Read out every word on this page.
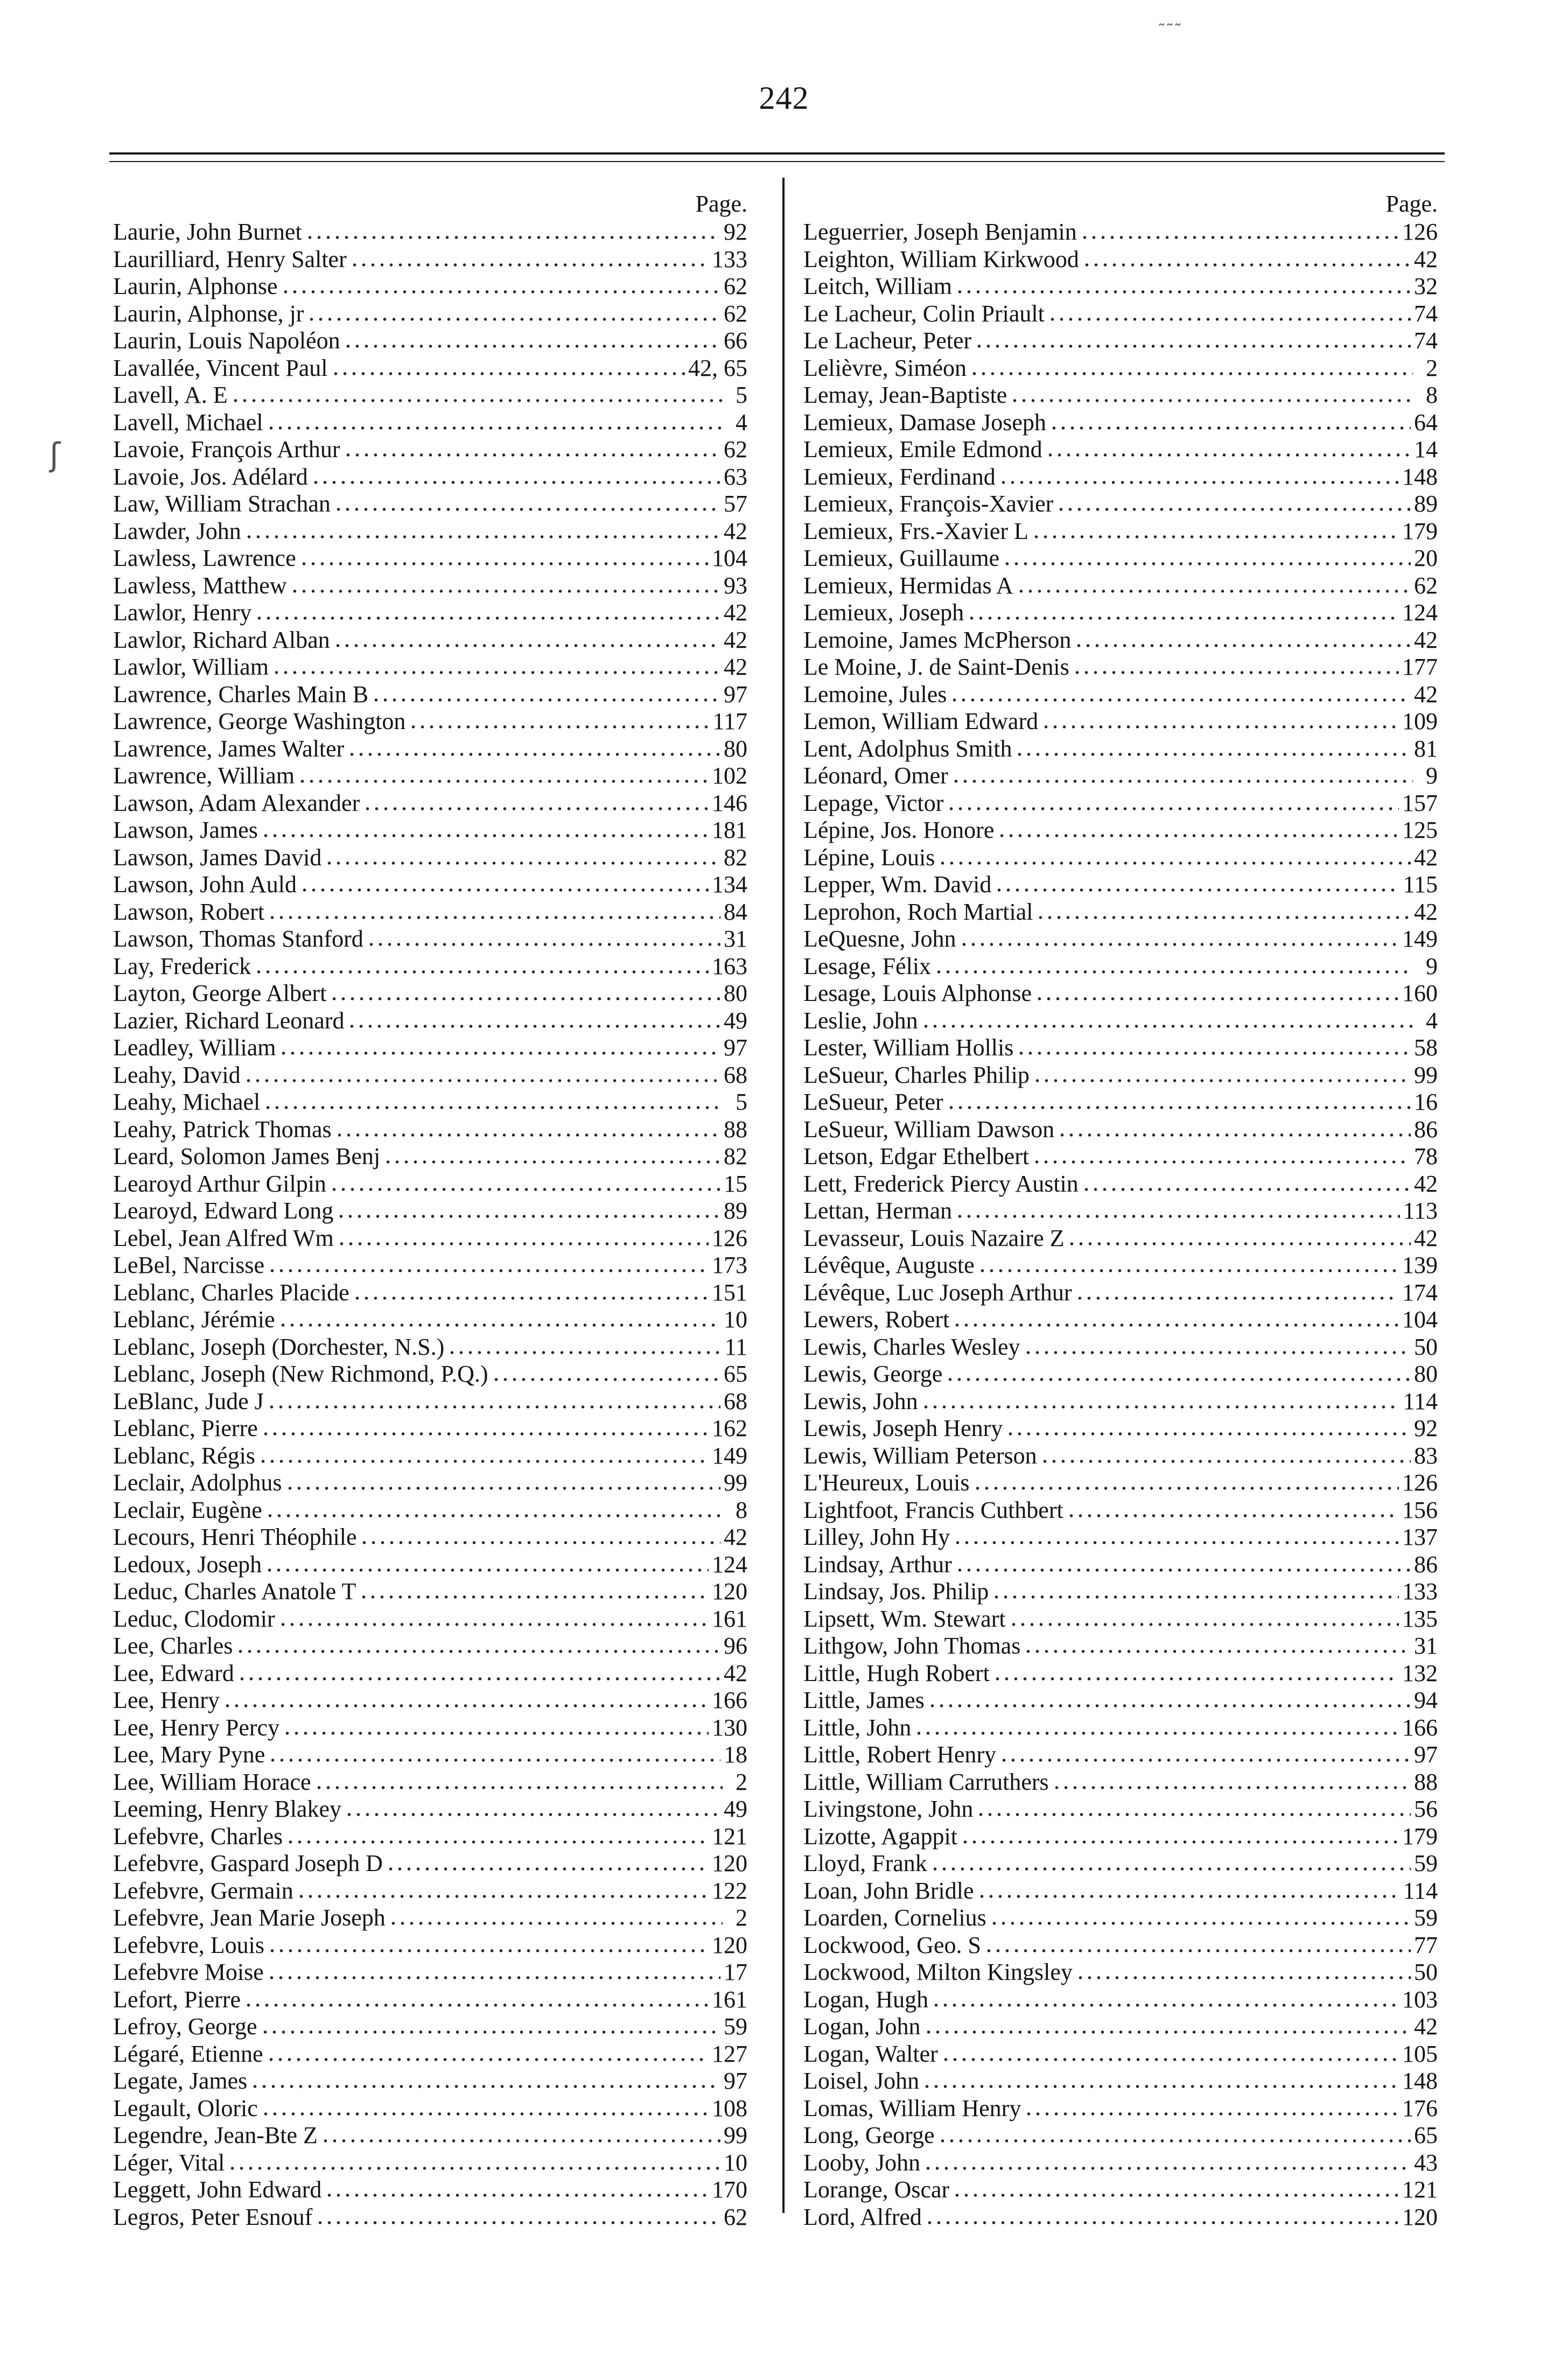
242
˜˜˜
ʃ
Page.
Laurie, John Burnet	92
Laurilliard, Henry Salter	133
Laurin, Alphonse	62
Laurin, Alphonse, jr	62
Laurin, Louis Napoléon	66
Lavallée, Vincent Paul	42, 65
Lavell, A. E	5
Lavell, Michael	4
Lavoie, François Arthur	62
Lavoie, Jos. Adélard	63
Law, William Strachan	57
Lawder, John	42
Lawless, Lawrence	104
Lawless, Matthew	93
Lawlor, Henry	42
Lawlor, Richard Alban	42
Lawlor, William	42
Lawrence, Charles Main B	97
Lawrence, George Washington	117
Lawrence, James Walter	80
Lawrence, William	102
Lawson, Adam Alexander	146
Lawson, James	181
Lawson, James David	82
Lawson, John Auld	134
Lawson, Robert	84
Lawson, Thomas Stanford	31
Lay, Frederick	163
Layton, George Albert	80
Lazier, Richard Leonard	49
Leadley, William	97
Leahy, David	68
Leahy, Michael	5
Leahy, Patrick Thomas	88
Leard, Solomon James Benj	82
Learoyd Arthur Gilpin	15
Learoyd, Edward Long	89
Lebel, Jean Alfred Wm	126
LeBel, Narcisse	173
Leblanc, Charles Placide	151
Leblanc, Jérémie	10
Leblanc, Joseph (Dorchester, N.S.)	11
Leblanc, Joseph (New Richmond, P.Q.)	65
LeBlanc, Jude J	68
Leblanc, Pierre	162
Leblanc, Régis	149
Leclair, Adolphus	99
Leclair, Eugène	8
Lecours, Henri Théophile	42
Ledoux, Joseph	124
Leduc, Charles Anatole T	120
Leduc, Clodomir	161
Lee, Charles	96
Lee, Edward	42
Lee, Henry	166
Lee, Henry Percy	130
Lee, Mary Pyne	18
Lee, William Horace	2
Leeming, Henry Blakey	49
Lefebvre, Charles	121
Lefebvre, Gaspard Joseph D	120
Lefebvre, Germain	122
Lefebvre, Jean Marie Joseph	2
Lefebvre, Louis	120
Lefebvre Moise	17
Lefort, Pierre	161
Lefroy, George	59
Légaré, Etienne	127
Legate, James	97
Legault, Oloric	108
Legendre, Jean-Bte Z	99
Léger, Vital	10
Leggett, John Edward	170
Legros, Peter Esnouf	62
Page.
Leguerrier, Joseph Benjamin	126
Leighton, William Kirkwood	42
Leitch, William	32
Le Lacheur, Colin Priault	74
Le Lacheur, Peter	74
Lelièvre, Siméon	2
Lemay, Jean-Baptiste	8
Lemieux, Damase Joseph	64
Lemieux, Emile Edmond	14
Lemieux, Ferdinand	148
Lemieux, François-Xavier	89
Lemieux, Frs.-Xavier L	179
Lemieux, Guillaume	20
Lemieux, Hermidas A	62
Lemieux, Joseph	124
Lemoine, James McPherson	42
Le Moine, J. de Saint-Denis	177
Lemoine, Jules	42
Lemon, William Edward	109
Lent, Adolphus Smith	81
Léonard, Omer	9
Lepage, Victor	157
Lépine, Jos. Honore	125
Lépine, Louis	42
Lepper, Wm. David	115
Leprohon, Roch Martial	42
LeQuesne, John	149
Lesage, Félix	9
Lesage, Louis Alphonse	160
Leslie, John	4
Lester, William Hollis	58
LeSueur, Charles Philip	99
LeSueur, Peter	16
LeSueur, William Dawson	86
Letson, Edgar Ethelbert	78
Lett, Frederick Piercy Austin	42
Lettan, Herman	113
Levasseur, Louis Nazaire Z	42
Lévêque, Auguste	139
Lévêque, Luc Joseph Arthur	174
Lewers, Robert	104
Lewis, Charles Wesley	50
Lewis, George	80
Lewis, John	114
Lewis, Joseph Henry	92
Lewis, William Peterson	83
L'Heureux, Louis	126
Lightfoot, Francis Cuthbert	156
Lilley, John Hy	137
Lindsay, Arthur	86
Lindsay, Jos. Philip	133
Lipsett, Wm. Stewart	135
Lithgow, John Thomas	31
Little, Hugh Robert	132
Little, James	94
Little, John	166
Little, Robert Henry	97
Little, William Carruthers	88
Livingstone, John	56
Lizotte, Agappit	179
Lloyd, Frank	59
Loan, John Bridle	114
Loarden, Cornelius	59
Lockwood, Geo. S	77
Lockwood, Milton Kingsley	50
Logan, Hugh	103
Logan, John	42
Logan, Walter	105
Loisel, John	148
Lomas, William Henry	176
Long, George	65
Looby, John	43
Lorange, Oscar	121
Lord, Alfred	120
